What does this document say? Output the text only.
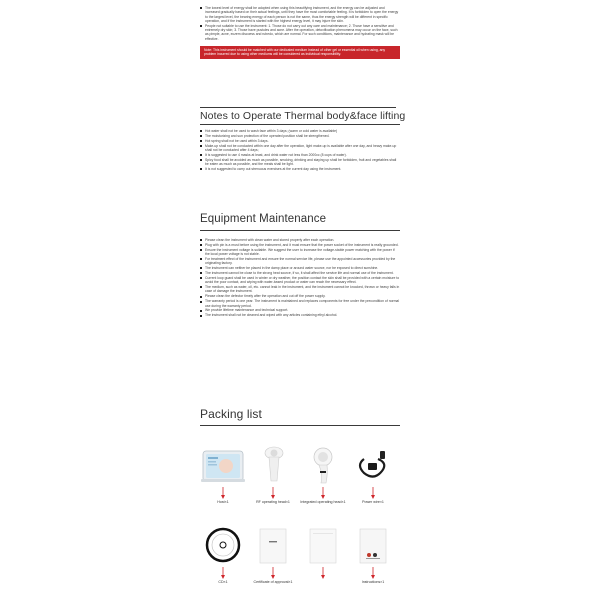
The lowest level of energy shall be adopted when using this beautifying instrument, and the energy can be adjusted and increased gradually based on their actual feelings, until they have the most comfortable feeling. It is forbidden to open the energy to the largest level, the bearing energy of each person is not the same, thus the energy strength will be different in specific operation, and if the instrument is started with the highest energy level, it may injure the skin.
People not suitable to use the instrument: 1. Those do not carry out any care and maintenance; 2. Those have a sensitive and extremely dry skin; 3. Those have pustules and acne. After the operation, detoxification phenomena may occur on the face, such as pimple, acne, eczem discoess and rubedo, which are normal. For such conditions, maintenance and hydrating mask will be effective.
Note: This instrument should be matched with our dedicated medium instead of other gel or essential oil when using, any problem incurred due to using other mediums will be considered as individual responsibility.
Notes to Operate Thermal body&face lifting
Hot water shall not be used to wash face within 3 days; (warm or cold water is available)
The moisturizing and sun protection of the operated position shall be strengthened.
Hot spring shall not be used within 3 days.
Make-up shall not be conducted within one day after the operation, light make-up is available after one day, and heavy make-up shall not be conducted after 4 days;
It is suggested to use 4 masks at least, and drink water not less than 2000cc (8 cups of water).
Spicy food shall be avoided as much as possible, smoking, drinking and staying up shall be forbidden, fruit and vegetables shall be eaten as much as possible, and the meals shall be light.
It is not suggested to carry out strenuous exercises at the current day using the instrument.
Equipment Maintenance
Please clean the instrument with clean water and stored properly after each operation.
Plug with pin is a must before using the instrument, and it must ensure that the power socket of the instrument is really grounded.
Ensure the instrument voltage is suitable. We suggest the user to increase the voltage-stable power matching with the power if the local power voltage is not stable.
For treatment effect of the instrument and ensure the normal service life, please use the appointed accessories provided by the originating factory.
The instrument can neither be placed in the damp place or around water source, nor be exposed to direct sunshine.
The instrument cannot be close to the strong heat source, if so, it shall affect the service life and normal use of the instrument.
Current loop guard shall be used in winter or dry weather, the position contact the skin shall be provided with a certain moisture to avoid the poor contact, and wiping with water-based product or water can reach the necessary effect.
The medium, such as water, oil, etc. cannot leak in the instrument, and the instrument cannot be knocked, thrown or heavy falls in case of damage the instrument.
Please clean the defector timely after the operation and cut off the power supply.
The warranty period is one year. The instrument is maintained and replaces components for free under the precondition of normal use during the warranty period.
We provide lifetime maintenance and technical support.
The instrument shall not be cleaned and wiped with any articles containing ethyl alcohol.
Packing list
Host×1	RF operating head×1	Integrated operating head×1	Power wire×1
CD×1	Certificate of approval×1	Instructions×1
